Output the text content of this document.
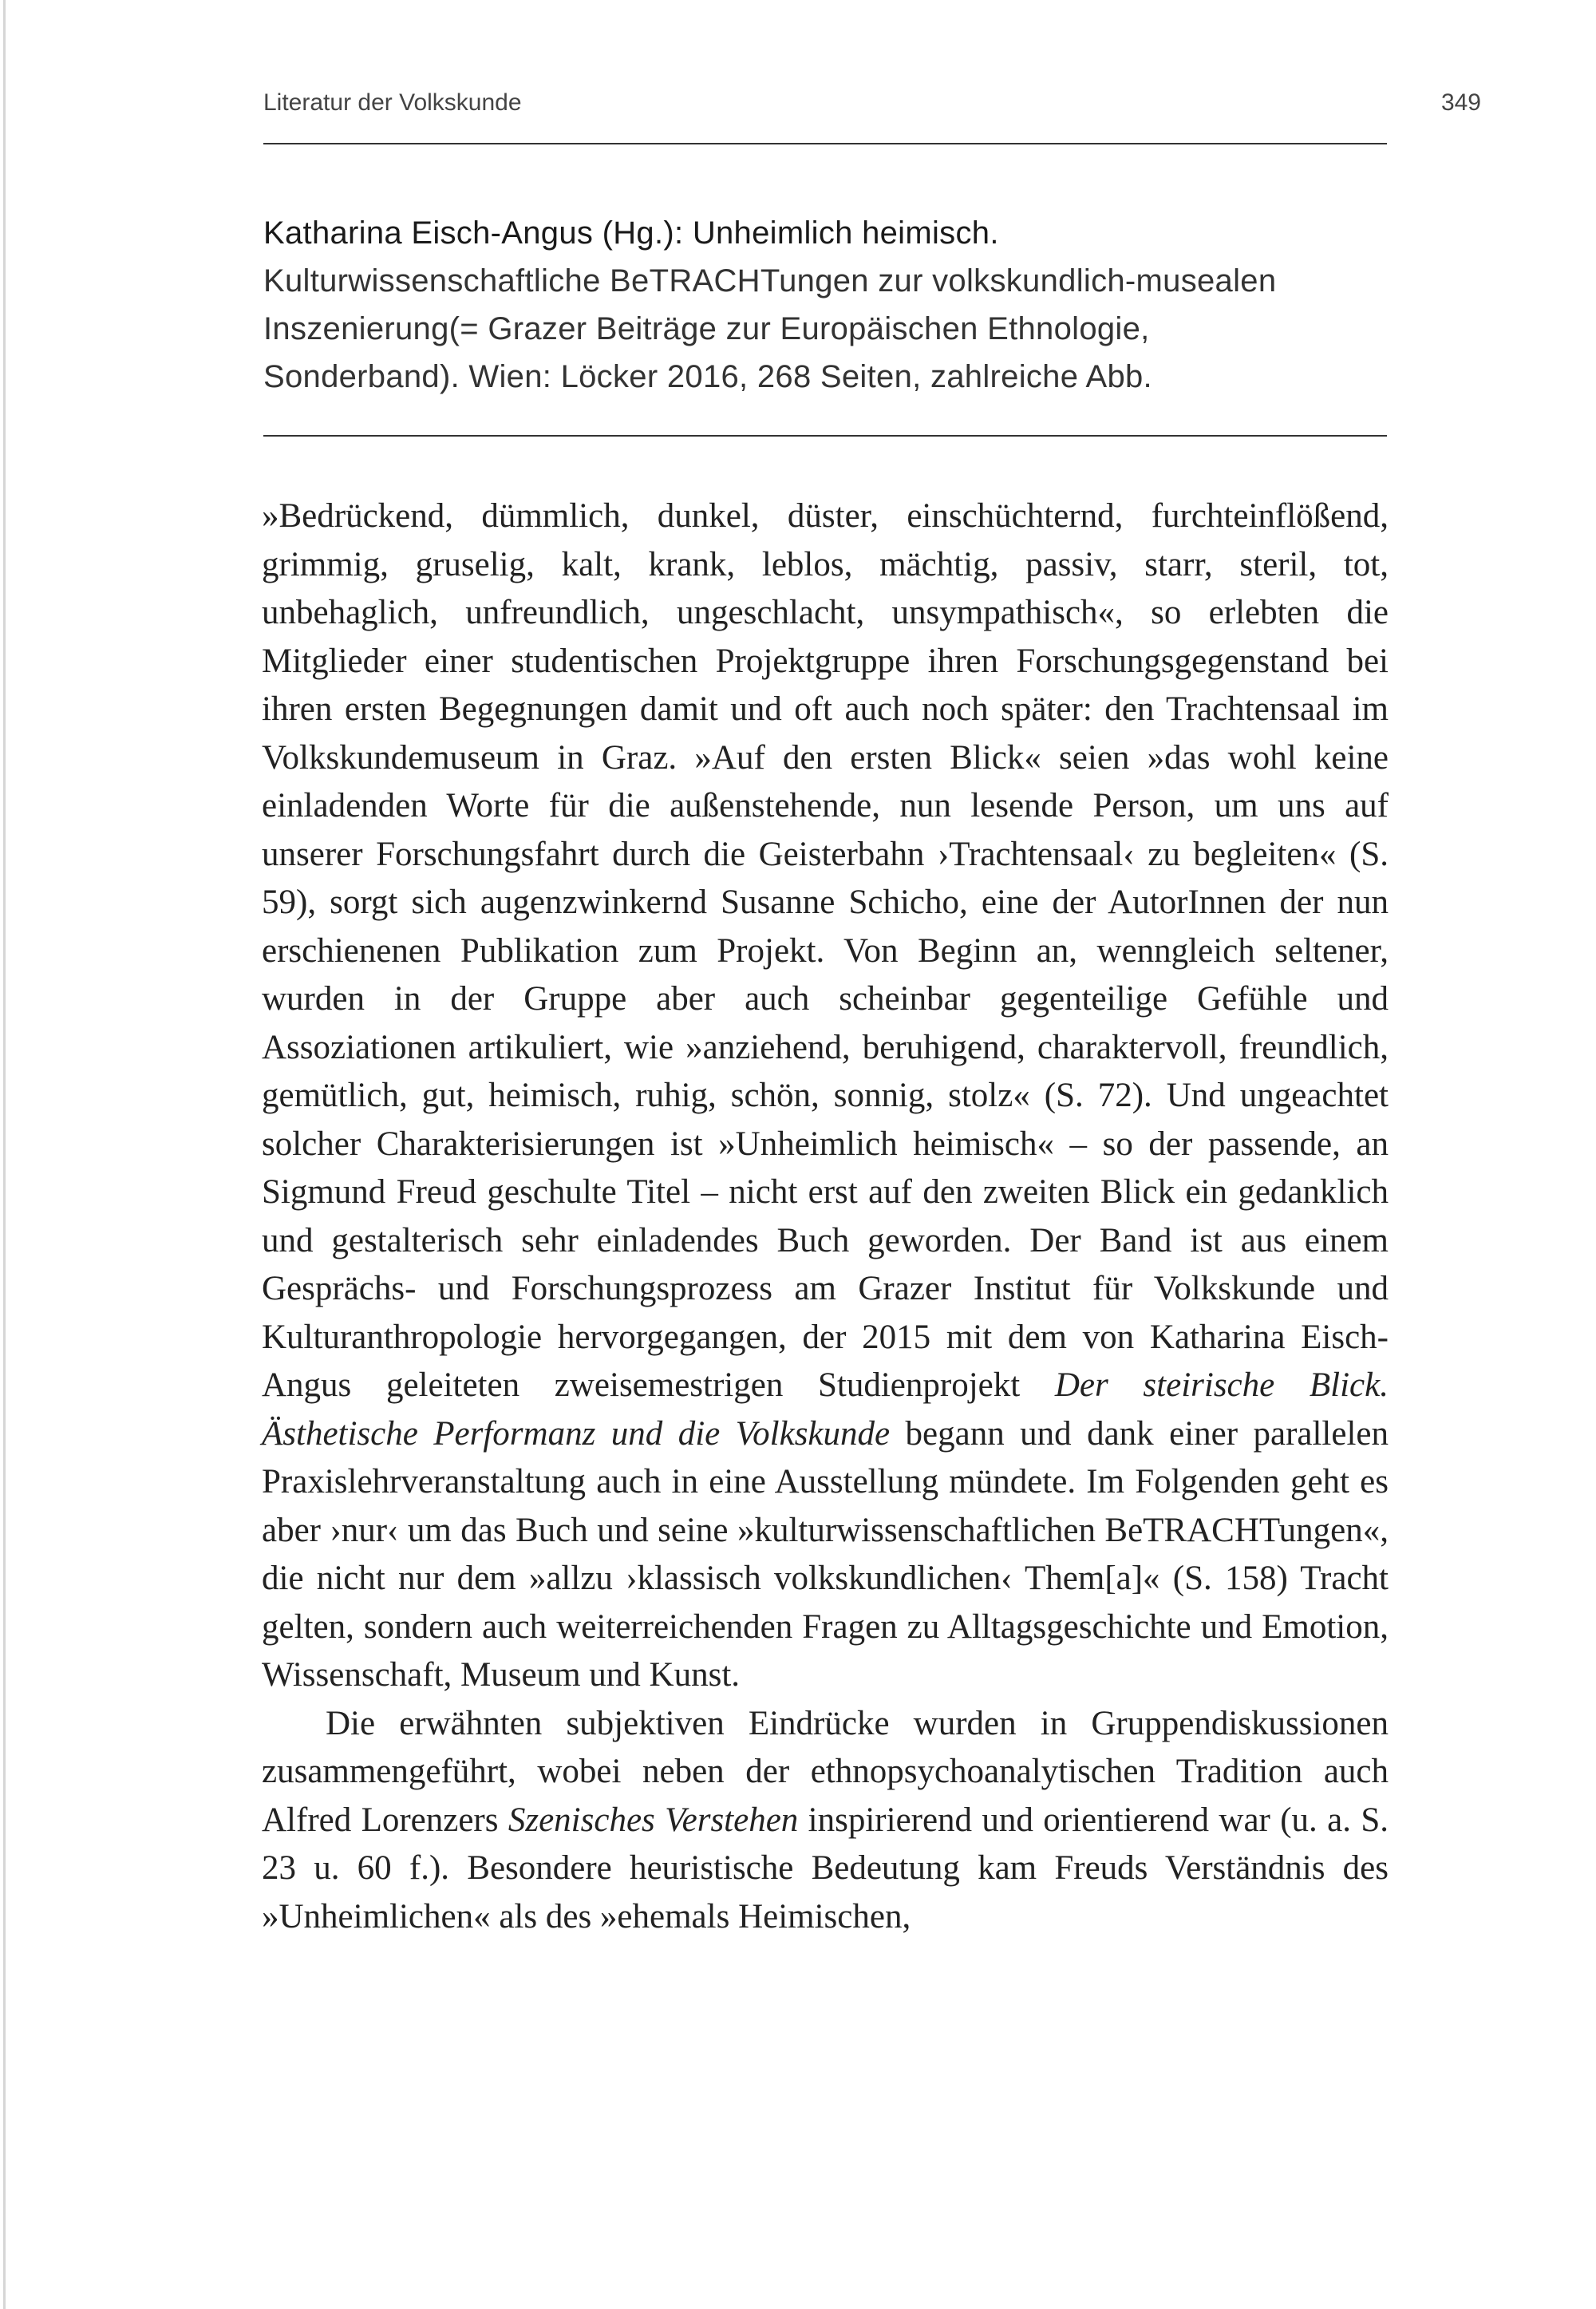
Literatur der Volkskunde	349
Katharina Eisch-Angus (Hg.): Unheimlich heimisch.
Kulturwissenschaftliche BeTRACHTungen zur volkskundlich-musealen
Inszenierung(= Grazer Beiträge zur Europäischen Ethnologie,
Sonderband). Wien: Löcker 2016, 268 Seiten, zahlreiche Abb.

»Bedrückend, dümmlich, dunkel, düster, einschüchternd, furchteinflößend, grimmig, gruselig, kalt, krank, leblos, mächtig, passiv, starr, steril, tot, unbehaglich, unfreundlich, ungeschlacht, unsympathisch«, so erlebten die Mitglieder einer studentischen Projektgruppe ihren Forschungsgegenstand bei ihren ersten Begegnungen damit und oft auch noch später: den Trachtensaal im Volkskundemuseum in Graz. »Auf den ersten Blick« seien »das wohl keine einladenden Worte für die außenstehende, nun lesende Person, um uns auf unserer Forschungsfahrt durch die Geisterbahn ›Trachtensaal‹ zu begleiten« (S. 59), sorgt sich augenzwinkernd Susanne Schicho, eine der AutorInnen der nun erschienenen Publikation zum Projekt. Von Beginn an, wenngleich seltener, wurden in der Gruppe aber auch scheinbar gegenteilige Gefühle und Assoziationen artikuliert, wie »anziehend, beruhigend, charaktervoll, freundlich, gemütlich, gut, heimisch, ruhig, schön, sonnig, stolz« (S. 72). Und ungeachtet solcher Charakterisierungen ist »Unheimlich heimisch« – so der passende, an Sigmund Freud geschulte Titel – nicht erst auf den zweiten Blick ein gedanklich und gestalterisch sehr einladendes Buch geworden. Der Band ist aus einem Gesprächs- und Forschungsprozess am Grazer Institut für Volkskunde und Kulturanthropologie hervorgegangen, der 2015 mit dem von Katharina Eisch-Angus geleiteten zweisemestrigen Studienprojekt Der steirische Blick. Ästhetische Performanz und die Volkskunde begann und dank einer parallelen Praxislehrveranstaltung auch in eine Ausstellung mündete. Im Folgenden geht es aber ›nur‹ um das Buch und seine »kulturwissenschaftlichen BeTRACHTungen«, die nicht nur dem »allzu ›klassisch volkskundlichen‹ Them[a]« (S. 158) Tracht gelten, sondern auch weiterreichenden Fragen zu Alltagsgeschichte und Emotion, Wissenschaft, Museum und Kunst.

Die erwähnten subjektiven Eindrücke wurden in Gruppendiskussionen zusammengeführt, wobei neben der ethnopsychoanalytischen Tradition auch Alfred Lorenzers Szenisches Verstehen inspirierend und orientierend war (u. a. S. 23 u. 60 f.). Besondere heuristische Bedeutung kam Freuds Verständnis des »Unheimlichen« als des »ehemals Heimischen,
